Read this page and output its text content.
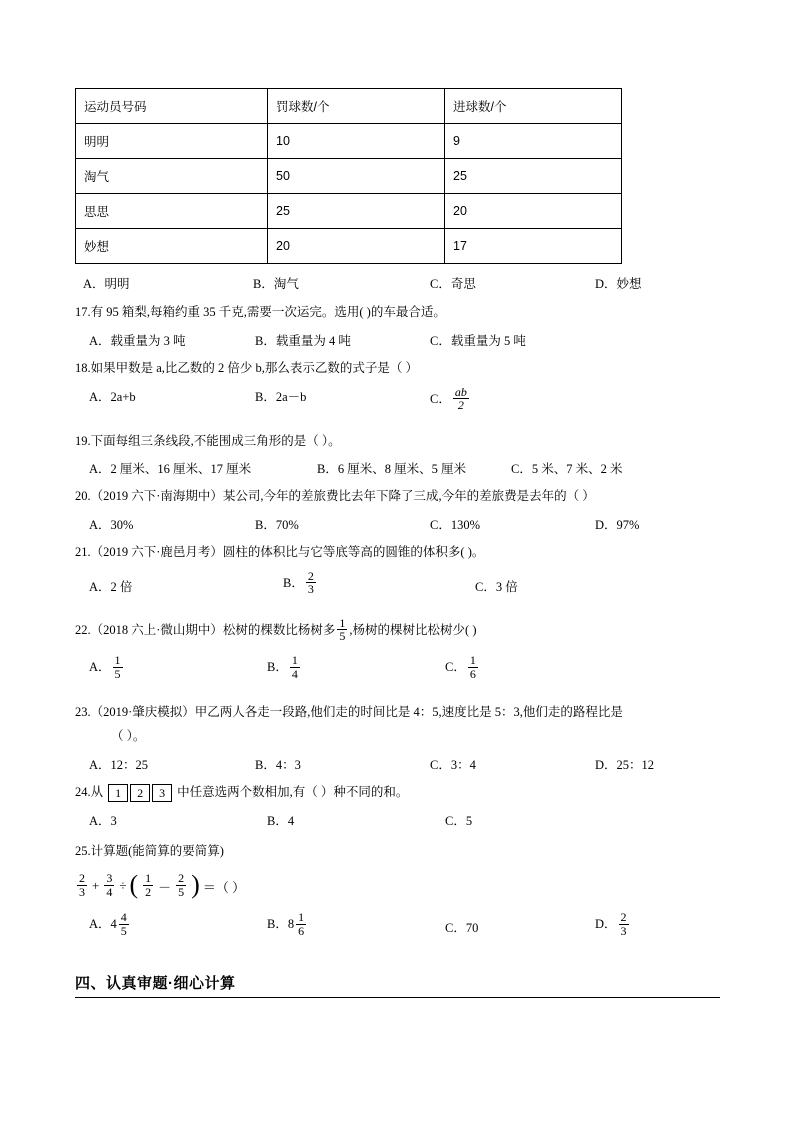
运动员号码	罚球数/个	进球数/个
明明	10	9
淘气	50	25
思思	25	20
妙想	20	17
A．明明	B．淘气	C．奇思	D．妙想
17.有 95 箱梨,每箱约重 35 千克,需要一次运完。选用( )的车最合适。
A．载重量为 3 吨	B．载重量为 4 吨	C．载重量为 5 吨
18.如果甲数是 a,比乙数的 2 倍少 b,那么表示乙数的式子是（ ）
A．2a+b	B．2a－b	C． $\frac{ab}{2}$
19.下面每组三条线段,不能围成三角形的是（ ）。
A．2 厘米、16 厘米、17 厘米	B．6 厘米、8 厘米、5 厘米	C．5 米、7 米、2 米
20.（2019 六下·南海期中）某公司,今年的差旅费比去年下降了三成,今年的差旅费是去年的（ ）
A．30%	B．70%	C．130%	D．97%
21.（2019 六下·鹿邑月考）圆柱的体积比与它等底等高的圆锥的体积多( )。
A．2 倍	B． $\frac{2}{3}$	C．3 倍
22.（2018 六上·微山期中）松树的棵数比杨树多 $\frac{1}{5}$ ,杨树的棵树比松树少( )
A． $\frac{1}{5}$	B． $\frac{1}{4}$	C． $\frac{1}{6}$
23.（2019·肇庆模拟）甲乙两人各走一段路,他们走的时间比是 4：5,速度比是 5：3,他们走的路程比是
（ ）。
A．12：25	B．4：3	C．3：4	D．25：12
24.从	1 2 3 中任意选两个数相加,有（ ）种不同的和。
A．3	B．4	C．5
25.计算题(能简算的要简算)
$\frac{2}{3} + \frac{3}{4}$ ÷ ( $\frac{1}{2} - \frac{2}{5}$ ) ＝（ ）
A．$4 \frac{4}{5}$	B．$8 \frac{1}{6}$	C．70	D． $\frac{2}{3}$
四、认真审题·细心计算
